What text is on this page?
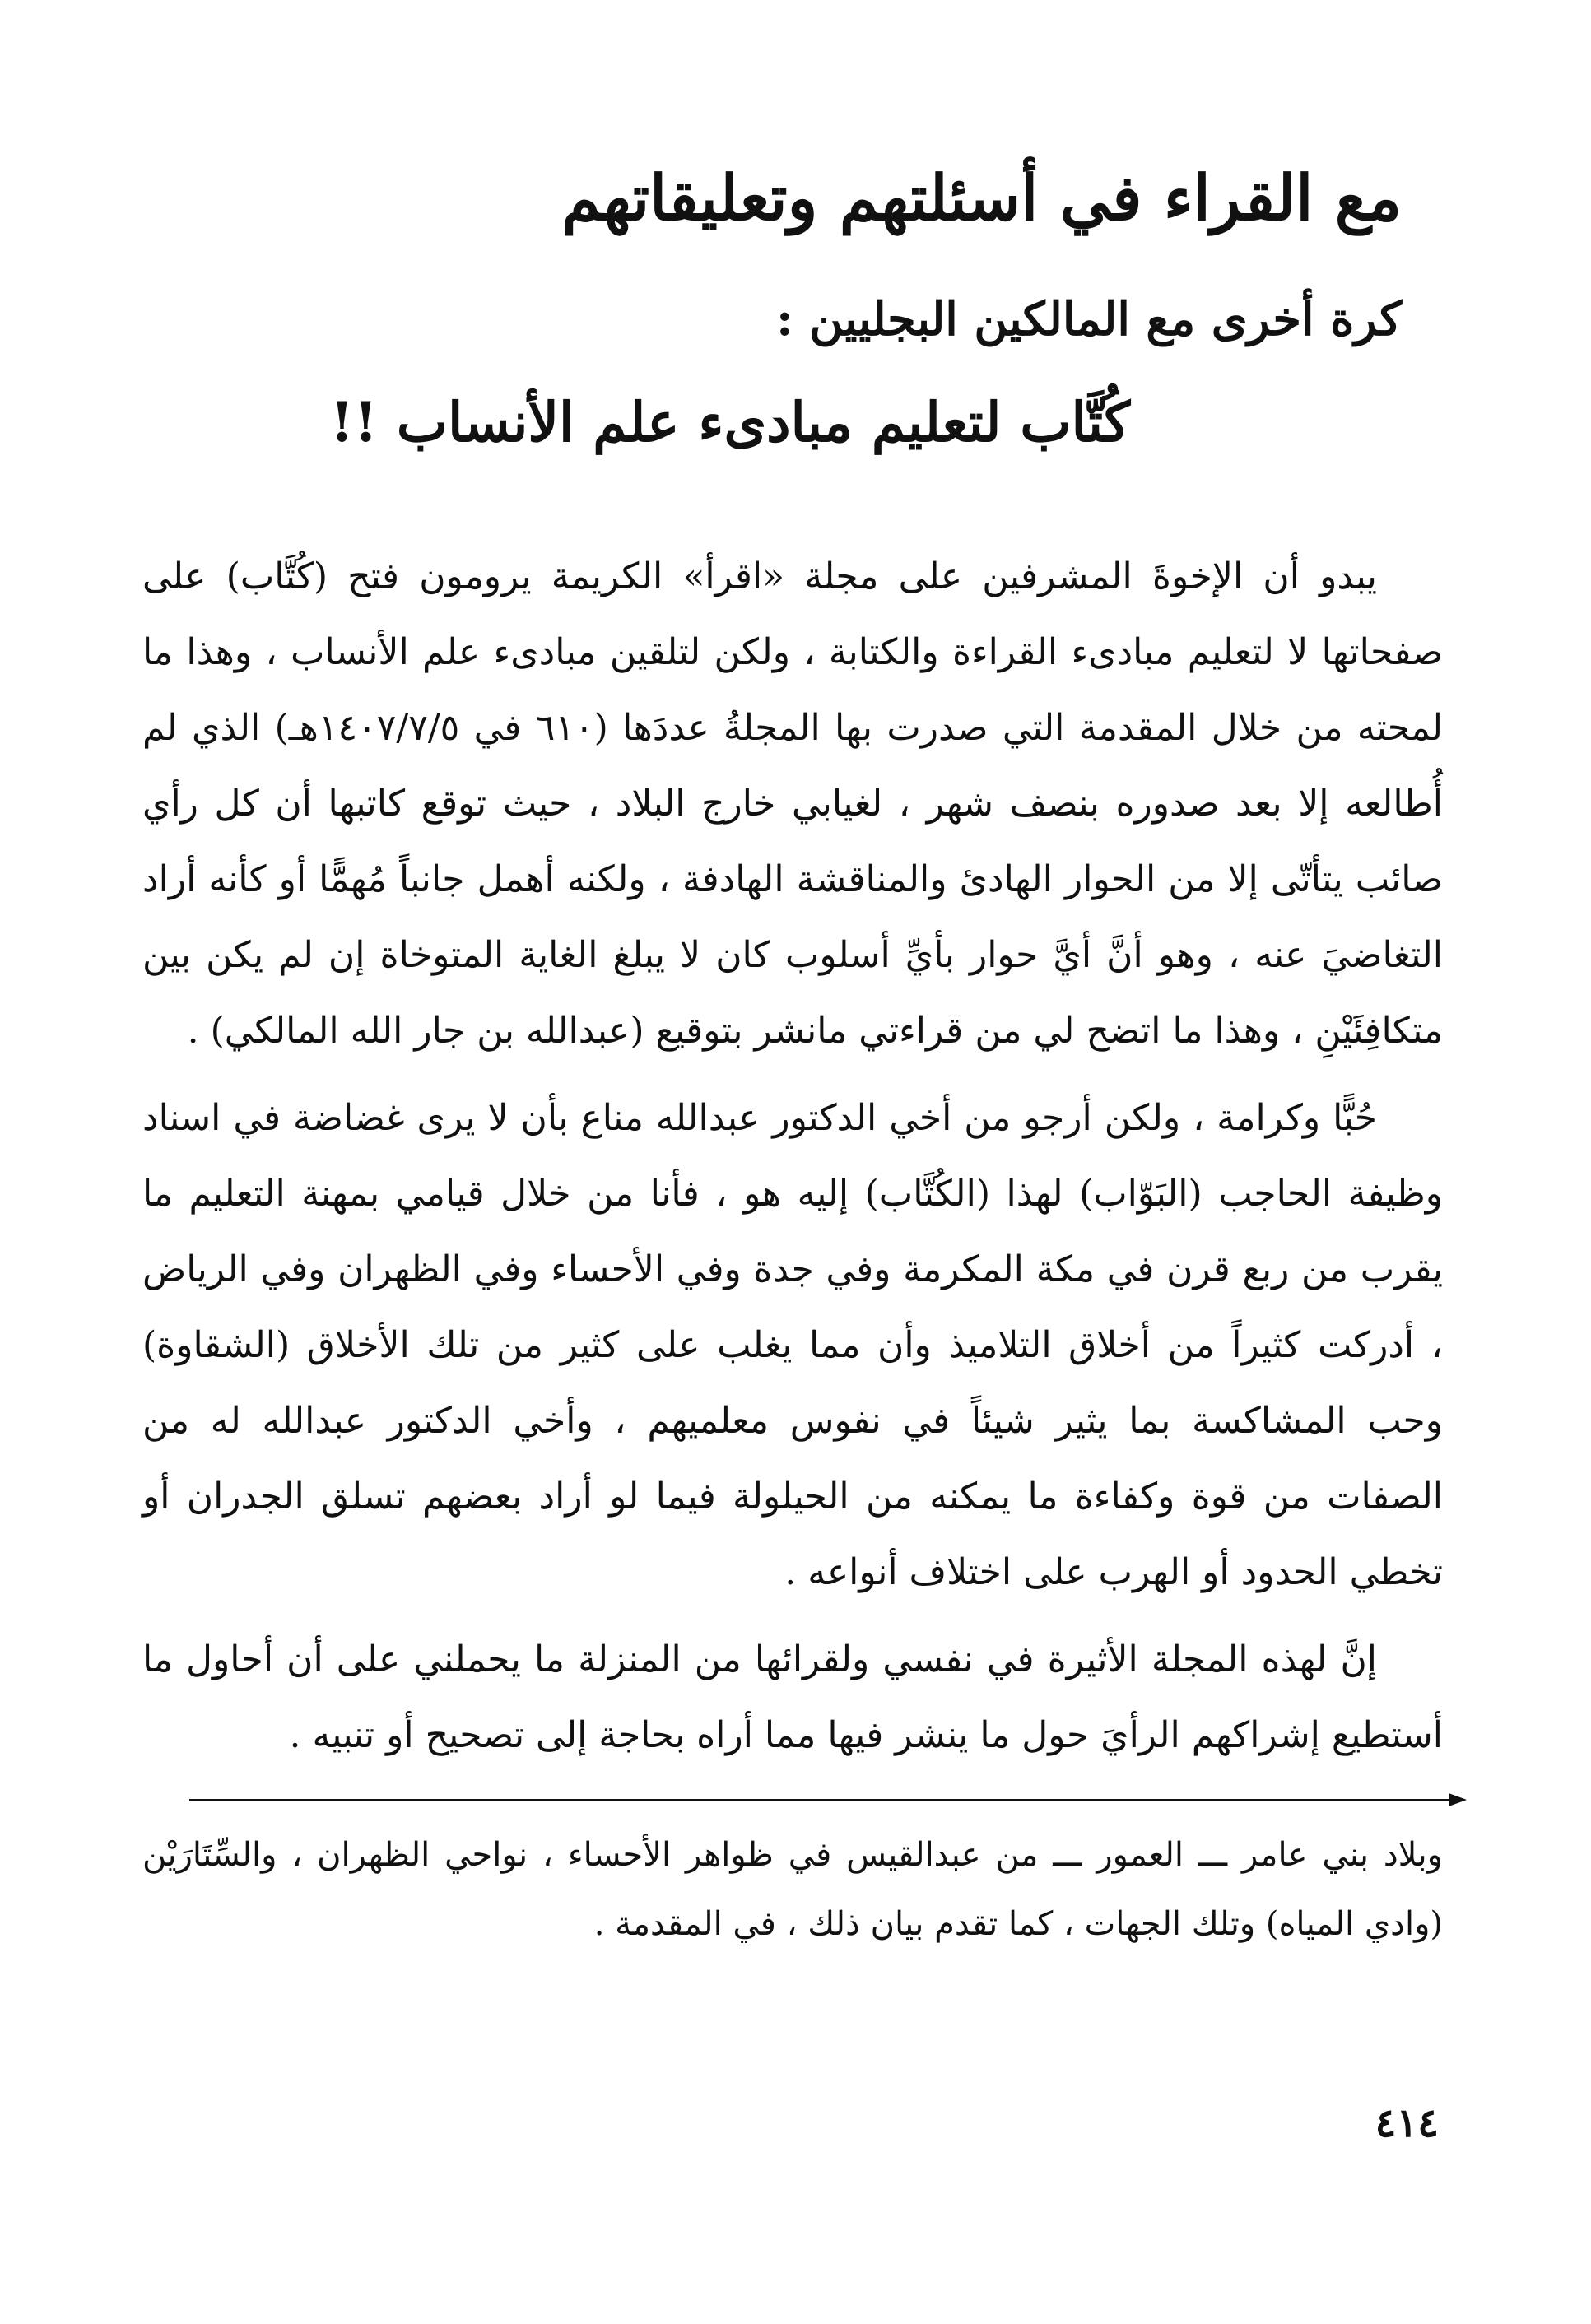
مع القراء في أسئلتهم وتعليقاتهم
كرة أخرى مع المالكين البجليين :
كُتَّاب لتعليم مبادىء علم الأنساب !!

يبدو أن الإخوةَ المشرفين على مجلة «اقرأ» الكريمة يرومون فتح (كُتَّاب) على صفحاتها لا لتعليم مبادىء القراءة والكتابة ، ولكن لتلقين مبادىء علم الأنساب ، وهذا ما لمحته من خلال المقدمة التي صدرت بها المجلةُ عددَها (٦١٠ في ١٤٠٧/٧/٥هـ) الذي لم أُطالعه إلا بعد صدوره بنصف شهر ، لغيابي خارج البلاد ، حيث توقع كاتبها أن كل رأي صائب يتأتّى إلا من الحوار الهادئ والمناقشة الهادفة ، ولكنه أهمل جانباً مُهمًّا أو كأنه أراد التغاضيَ عنه ، وهو أنَّ أيَّ حوار بأيِّ أسلوب كان لا يبلغ الغاية المتوخاة إن لم يكن بين متكافِئَيْنِ ، وهذا ما اتضح لي من قراءتي مانشر بتوقيع (عبدالله بن جار الله المالكي) .

حُبًّا وكرامة ، ولكن أرجو من أخي الدكتور عبدالله مناع بأن لا يرى غضاضة في اسناد وظيفة الحاجب (البَوّاب) لهذا (الكُتَّاب) إليه هو ، فأنا من خلال قيامي بمهنة التعليم ما يقرب من ربع قرن في مكة المكرمة وفي جدة وفي الأحساء وفي الظهران وفي الرياض ، أدركت كثيراً من أخلاق التلاميذ وأن مما يغلب على كثير من تلك الأخلاق (الشقاوة) وحب المشاكسة بما يثير شيئاً في نفوس معلميهم ، وأخي الدكتور عبدالله له من الصفات من قوة وكفاءة ما يمكنه من الحيلولة فيما لو أراد بعضهم تسلق الجدران أو تخطي الحدود أو الهرب على اختلاف أنواعه .

إنَّ لهذه المجلة الأثيرة في نفسي ولقرائها من المنزلة ما يحملني على أن أحاول ما أستطيع إشراكهم الرأيَ حول ما ينشر فيها مما أراه بحاجة إلى تصحيح أو تنبيه .

وبلاد بني عامر ـــ العمور ـــ من عبدالقيس في ظواهر الأحساء ، نواحي الظهران ، والسِّتَارَيْن (وادي المياه) وتلك الجهات ، كما تقدم بيان ذلك ، في المقدمة .
٤١٤
